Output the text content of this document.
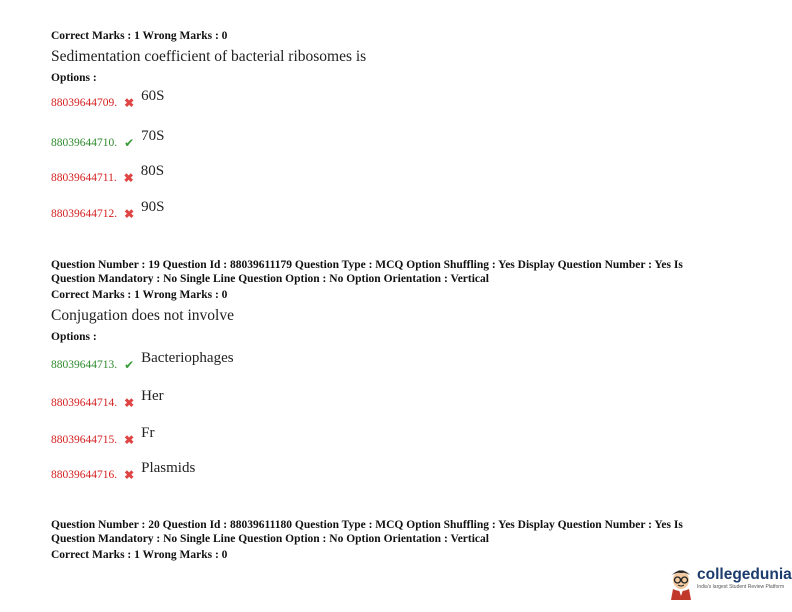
Correct Marks : 1 Wrong Marks : 0
Sedimentation coefficient of bacterial ribosomes is
Options :
88039644709. ✖ 60S
88039644710. ✔ 70S
88039644711. ✖ 80S
88039644712. ✖ 90S
Question Number : 19 Question Id : 88039611179 Question Type : MCQ Option Shuffling : Yes Display Question Number : Yes Is
Question Mandatory : No Single Line Question Option : No Option Orientation : Vertical
Correct Marks : 1 Wrong Marks : 0
Conjugation does not involve
Options :
88039644713. ✔ Bacteriophages
88039644714. ✖ Her
88039644715. ✖ Fr
88039644716. ✖ Plasmids
Question Number : 20 Question Id : 88039611180 Question Type : MCQ Option Shuffling : Yes Display Question Number : Yes Is
Question Mandatory : No Single Line Question Option : No Option Orientation : Vertical
Correct Marks : 1 Wrong Marks : 0
collegedunia
India's largest Student Review Platform
